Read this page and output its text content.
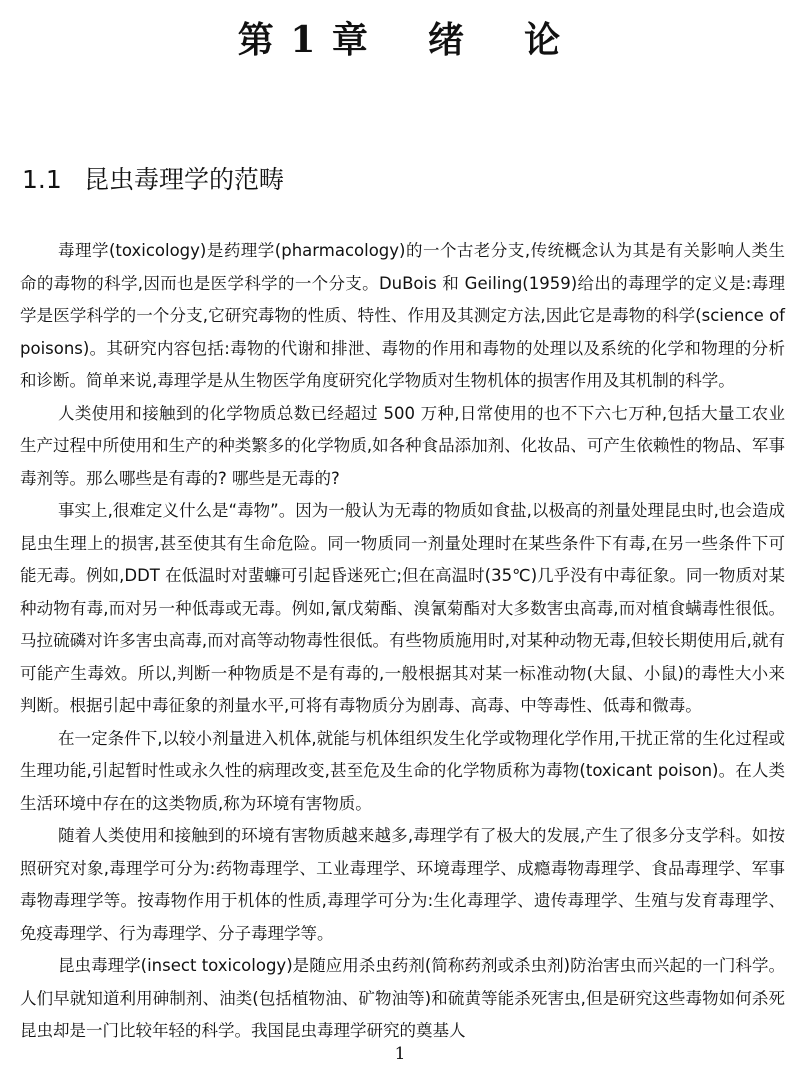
第 1 章    绪    论
1.1 昆虫毒理学的范畴

毒理学(toxicology)是药理学(pharmacology)的一个古老分支,传统概念认为其是有关影响人类生命的毒物的科学,因而也是医学科学的一个分支。DuBois 和 Geiling(1959)给出的毒理学的定义是:毒理学是医学科学的一个分支,它研究毒物的性质、特性、作用及其测定方法,因此它是毒物的科学(science of poisons)。其研究内容包括:毒物的代谢和排泄、毒物的作用和毒物的处理以及系统的化学和物理的分析和诊断。简单来说,毒理学是从生物医学角度研究化学物质对生物机体的损害作用及其机制的科学。

人类使用和接触到的化学物质总数已经超过 500 万种,日常使用的也不下六七万种,包括大量工农业生产过程中所使用和生产的种类繁多的化学物质,如各种食品添加剂、化妆品、可产生依赖性的物品、军事毒剂等。那么哪些是有毒的? 哪些是无毒的?

事实上,很难定义什么是“毒物”。因为一般认为无毒的物质如食盐,以极高的剂量处理昆虫时,也会造成昆虫生理上的损害,甚至使其有生命危险。同一物质同一剂量处理时在某些条件下有毒,在另一些条件下可能无毒。例如,DDT 在低温时对蜚蠊可引起昏迷死亡;但在高温时(35℃)几乎没有中毒征象。同一物质对某种动物有毒,而对另一种低毒或无毒。例如,氰戊菊酯、溴氰菊酯对大多数害虫高毒,而对植食螨毒性很低。马拉硫磷对许多害虫高毒,而对高等动物毒性很低。有些物质施用时,对某种动物无毒,但较长期使用后,就有可能产生毒效。所以,判断一种物质是不是有毒的,一般根据其对某一标准动物(大鼠、小鼠)的毒性大小来判断。根据引起中毒征象的剂量水平,可将有毒物质分为剧毒、高毒、中等毒性、低毒和微毒。

在一定条件下,以较小剂量进入机体,就能与机体组织发生化学或物理化学作用,干扰正常的生化过程或生理功能,引起暂时性或永久性的病理改变,甚至危及生命的化学物质称为毒物(toxicant poison)。在人类生活环境中存在的这类物质,称为环境有害物质。

随着人类使用和接触到的环境有害物质越来越多,毒理学有了极大的发展,产生了很多分支学科。如按照研究对象,毒理学可分为:药物毒理学、工业毒理学、环境毒理学、成瘾毒物毒理学、食品毒理学、军事毒物毒理学等。按毒物作用于机体的性质,毒理学可分为:生化毒理学、遗传毒理学、生殖与发育毒理学、免疫毒理学、行为毒理学、分子毒理学等。

昆虫毒理学(insect toxicology)是随应用杀虫药剂(简称药剂或杀虫剂)防治害虫而兴起的一门科学。人们早就知道利用砷制剂、油类(包括植物油、矿物油等)和硫黄等能杀死害虫,但是研究这些毒物如何杀死昆虫却是一门比较年轻的科学。我国昆虫毒理学研究的奠基人

1
